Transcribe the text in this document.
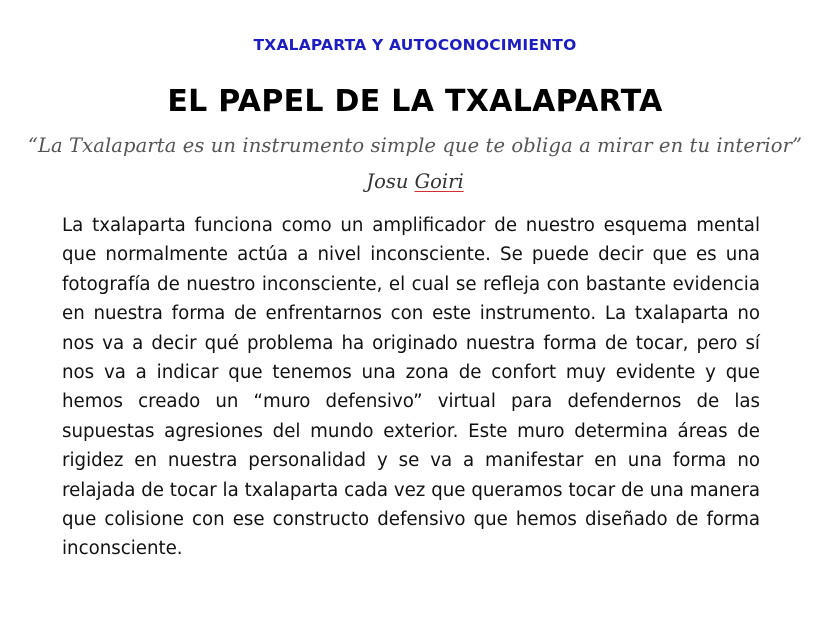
TXALAPARTA Y AUTOCONOCIMIENTO
EL PAPEL DE LA TXALAPARTA
“La Txalaparta es un instrumento simple que te obliga a mirar en tu interior”
Josu Goiri

La txalaparta funciona como un amplificador de nuestro esquema mental que normalmente actúa a nivel inconsciente. Se puede decir que es una fotografía de nuestro inconsciente, el cual se refleja con bastante evidencia en nuestra forma de enfrentarnos con este instrumento. La txalaparta no nos va a decir qué problema ha originado nuestra forma de tocar, pero sí nos va a indicar que tenemos una zona de confort muy evidente y que hemos creado un “muro defensivo” virtual para defendernos de las supuestas agresiones del mundo exterior. Este muro determina áreas de rigidez en nuestra personalidad y se va a manifestar en una forma no relajada de tocar la txalaparta cada vez que queramos tocar de una manera que colisione con ese constructo defensivo que hemos diseñado de forma inconsciente.
